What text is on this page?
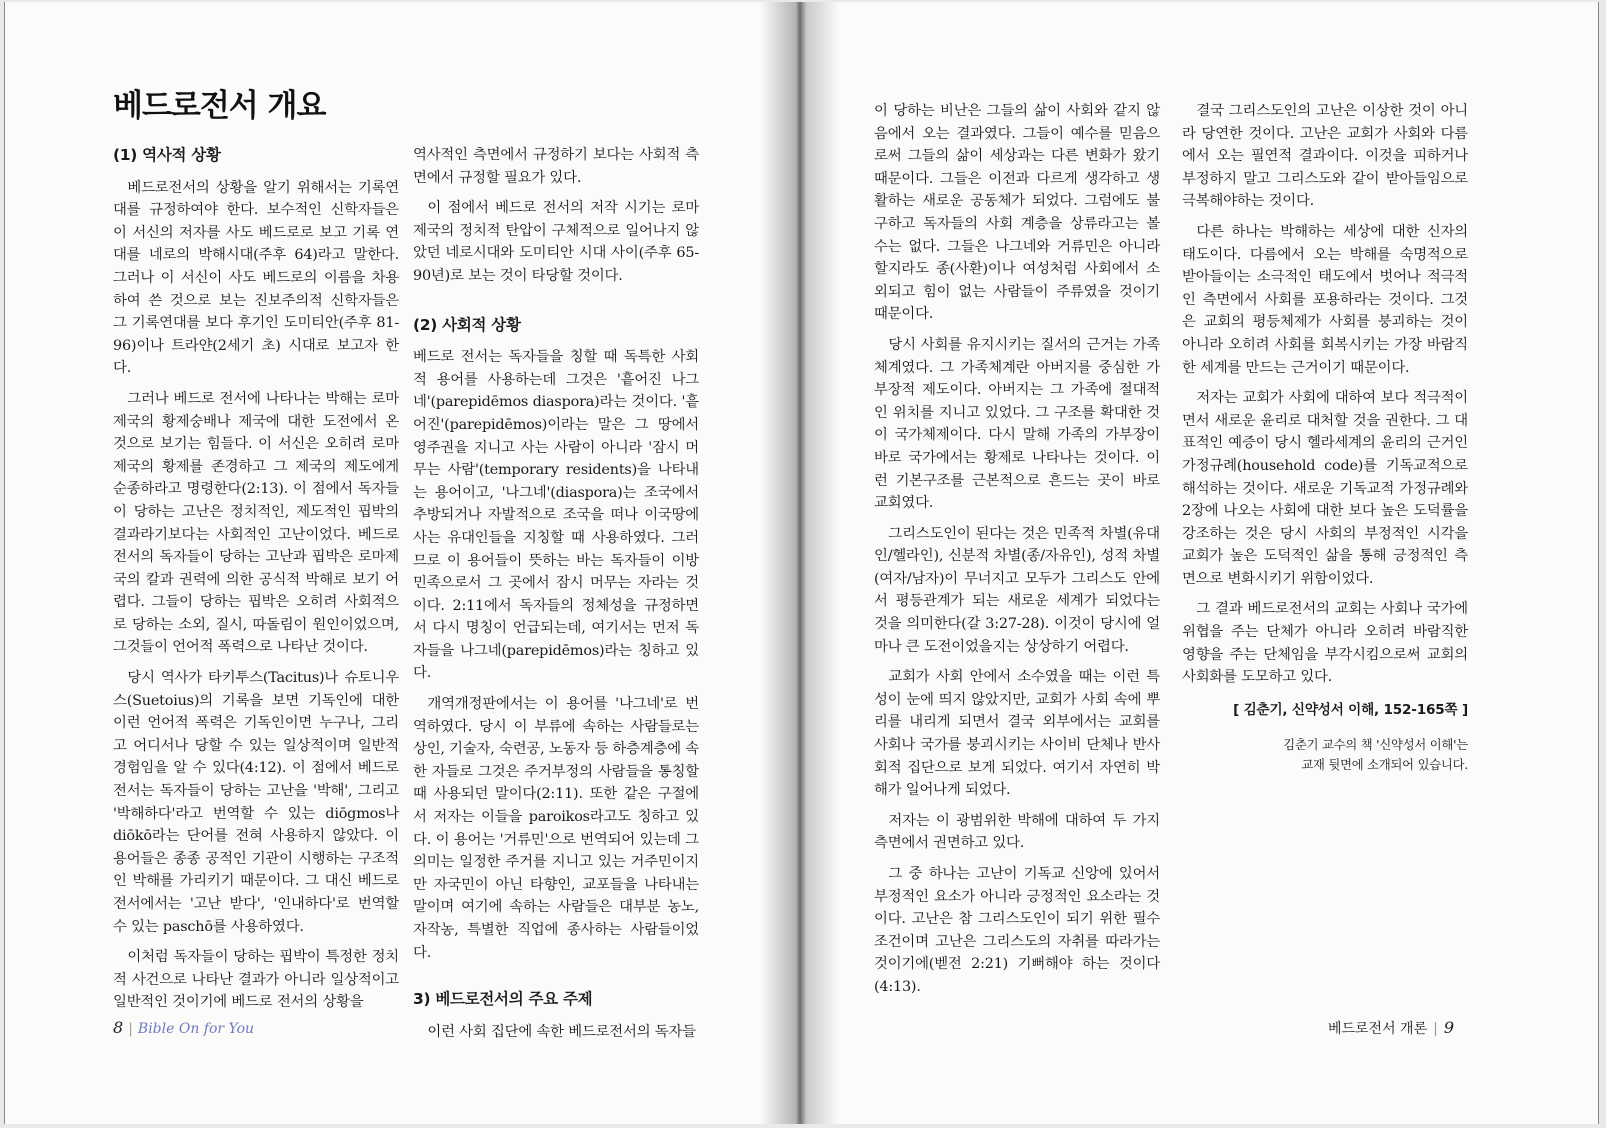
베드로전서 개요
(1) 역사적 상황

베드로전서의 상황을 알기 위해서는 기록연대를 규정하여야 한다. 보수적인 신학자들은 이 서신의 저자를 사도 베드로로 보고 기록 연대를 네로의 박해시대(주후 64)라고 말한다. 그러나 이 서신이 사도 베드로의 이름을 차용하여 쓴 것으로 보는 진보주의적 신학자들은 그 기록연대를 보다 후기인 도미티안(주후 81-96)이나 트라얀(2세기 초) 시대로 보고자 한다.

그러나 베드로 전서에 나타나는 박해는 로마제국의 황제숭배나 제국에 대한 도전에서 온 것으로 보기는 힘들다. 이 서신은 오히려 로마제국의 황제를 존경하고 그 제국의 제도에게 순종하라고 명령한다(2:13). 이 점에서 독자들이 당하는 고난은 정치적인, 제도적인 핍박의 결과라기보다는 사회적인 고난이었다. 베드로전서의 독자들이 당하는 고난과 핍박은 로마제국의 칼과 권력에 의한 공식적 박해로 보기 어렵다. 그들이 당하는 핍박은 오히려 사회적으로 당하는 소외, 질시, 따돌림이 원인이었으며, 그것들이 언어적 폭력으로 나타난 것이다.

당시 역사가 타키투스(Tacitus)나 슈토니우스(Suetoius)의 기록을 보면 기독인에 대한 이런 언어적 폭력은 기독인이면 누구나, 그리고 어디서나 당할 수 있는 일상적이며 일반적 경험임을 알 수 있다(4:12). 이 점에서 베드로전서는 독자들이 당하는 고난을 '박해', 그리고 '박해하다'라고 번역할 수 있는 diōgmos나 diōkō라는 단어를 전혀 사용하지 않았다. 이 용어들은 종종 공적인 기관이 시행하는 구조적인 박해를 가리키기 때문이다. 그 대신 베드로 전서에서는 '고난 받다', '인내하다'로 번역할 수 있는 paschō를 사용하였다.

이처럼 독자들이 당하는 핍박이 특정한 정치적 사건으로 나타난 결과가 아니라 일상적이고 일반적인 것이기에 베드로 전서의 상황을

역사적인 측면에서 규정하기 보다는 사회적 측면에서 규정할 필요가 있다.

이 점에서 베드로 전서의 저작 시기는 로마제국의 정치적 탄압이 구체적으로 일어나지 않았던 네로시대와 도미티안 시대 사이(주후 65-90년)로 보는 것이 타당할 것이다.

(2) 사회적 상황

베드로 전서는 독자들을 칭할 때 독특한 사회적 용어를 사용하는데 그것은 '흩어진 나그네'(parepidēmos diaspora)라는 것이다. '흩어진'(parepidēmos)이라는 말은 그 땅에서 영주권을 지니고 사는 사람이 아니라 '잠시 머무는 사람'(temporary residents)을 나타내는 용어이고, '나그네'(diaspora)는 조국에서 추방되거나 자발적으로 조국을 떠나 이국땅에 사는 유대인들을 지칭할 때 사용하였다. 그러므로 이 용어들이 뜻하는 바는 독자들이 이방 민족으로서 그 곳에서 잠시 머무는 자라는 것이다. 2:11에서 독자들의 정체성을 규정하면서 다시 명칭이 언급되는데, 여기서는 먼저 독자들을 나그네(parepidēmos)라는 칭하고 있다.

개역개정판에서는 이 용어를 '나그네'로 번역하였다. 당시 이 부류에 속하는 사람들로는 상인, 기술자, 숙련공, 노동자 등 하층계층에 속한 자들로 그것은 주거부정의 사람들을 통칭할 때 사용되던 말이다(2:11). 또한 같은 구절에서 저자는 이들을 paroikos라고도 칭하고 있다. 이 용어는 '거류민'으로 번역되어 있는데 그 의미는 일정한 주거를 지니고 있는 거주민이지만 자국민이 아닌 타향인, 교포들을 나타내는 말이며 여기에 속하는 사람들은 대부분 농노, 자작농, 특별한 직업에 종사하는 사람들이었다.

3) 베드로전서의 주요 주제

이런 사회 집단에 속한 베드로전서의 독자들

8 | Bible On for You

이 당하는 비난은 그들의 삶이 사회와 같지 않음에서 오는 결과였다. 그들이 예수를 믿음으로써 그들의 삶이 세상과는 다른 변화가 왔기 때문이다. 그들은 이전과 다르게 생각하고 생활하는 새로운 공동체가 되었다. 그럼에도 불구하고 독자들의 사회 계층을 상류라고는 볼 수는 없다. 그들은 나그네와 거류민은 아니라 할지라도 종(사환)이나 여성처럼 사회에서 소외되고 힘이 없는 사람들이 주류였을 것이기 때문이다.

당시 사회를 유지시키는 질서의 근거는 가족체계였다. 그 가족체계란 아버지를 중심한 가부장적 제도이다. 아버지는 그 가족에 절대적인 위치를 지니고 있었다. 그 구조를 확대한 것이 국가체제이다. 다시 말해 가족의 가부장이 바로 국가에서는 황제로 나타나는 것이다. 이런 기본구조를 근본적으로 흔드는 곳이 바로 교회였다.

그리스도인이 된다는 것은 민족적 차별(유대인/헬라인), 신분적 차별(종/자유인), 성적 차별(여자/남자)이 무너지고 모두가 그리스도 안에서 평등관계가 되는 새로운 세계가 되었다는 것을 의미한다(갈 3:27-28). 이것이 당시에 얼마나 큰 도전이었을지는 상상하기 어렵다.

교회가 사회 안에서 소수였을 때는 이런 특성이 눈에 띄지 않았지만, 교회가 사회 속에 뿌리를 내리게 되면서 결국 외부에서는 교회를 사회나 국가를 붕괴시키는 사이비 단체나 반사회적 집단으로 보게 되었다. 여기서 자연히 박해가 일어나게 되었다.

저자는 이 광범위한 박해에 대하여 두 가지 측면에서 권면하고 있다.

그 중 하나는 고난이 기독교 신앙에 있어서 부정적인 요소가 아니라 긍정적인 요소라는 것이다. 고난은 참 그리스도인이 되기 위한 필수 조건이며 고난은 그리스도의 자취를 따라가는 것이기에(벧전 2:21) 기뻐해야 하는 것이다(4:13).

결국 그리스도인의 고난은 이상한 것이 아니라 당연한 것이다. 고난은 교회가 사회와 다름에서 오는 필연적 결과이다. 이것을 피하거나 부정하지 말고 그리스도와 같이 받아들임으로 극복해야하는 것이다.

다른 하나는 박해하는 세상에 대한 신자의 태도이다. 다름에서 오는 박해를 숙명적으로 받아들이는 소극적인 태도에서 벗어나 적극적인 측면에서 사회를 포용하라는 것이다. 그것은 교회의 평등체제가 사회를 붕괴하는 것이 아니라 오히려 사회를 회복시키는 가장 바람직한 세계를 만드는 근거이기 때문이다.

저자는 교회가 사회에 대하여 보다 적극적이면서 새로운 윤리로 대처할 것을 권한다. 그 대표적인 예증이 당시 헬라세계의 윤리의 근거인 가정규례(household code)를 기독교적으로 해석하는 것이다. 새로운 기독교적 가정규례와 2장에 나오는 사회에 대한 보다 높은 도덕률을 강조하는 것은 당시 사회의 부정적인 시각을 교회가 높은 도덕적인 삶을 통해 긍정적인 측면으로 변화시키기 위함이었다.

그 결과 베드로전서의 교회는 사회나 국가에 위협을 주는 단체가 아니라 오히려 바람직한 영향을 주는 단체임을 부각시킴으로써 교회의 사회화를 도모하고 있다.

[ 김춘기, 신약성서 이해, 152-165쪽 ]
김춘기 교수의 책 '신약성서 이해'는
교재 뒷면에 소개되어 있습니다.
베드로전서 개론 | 9
